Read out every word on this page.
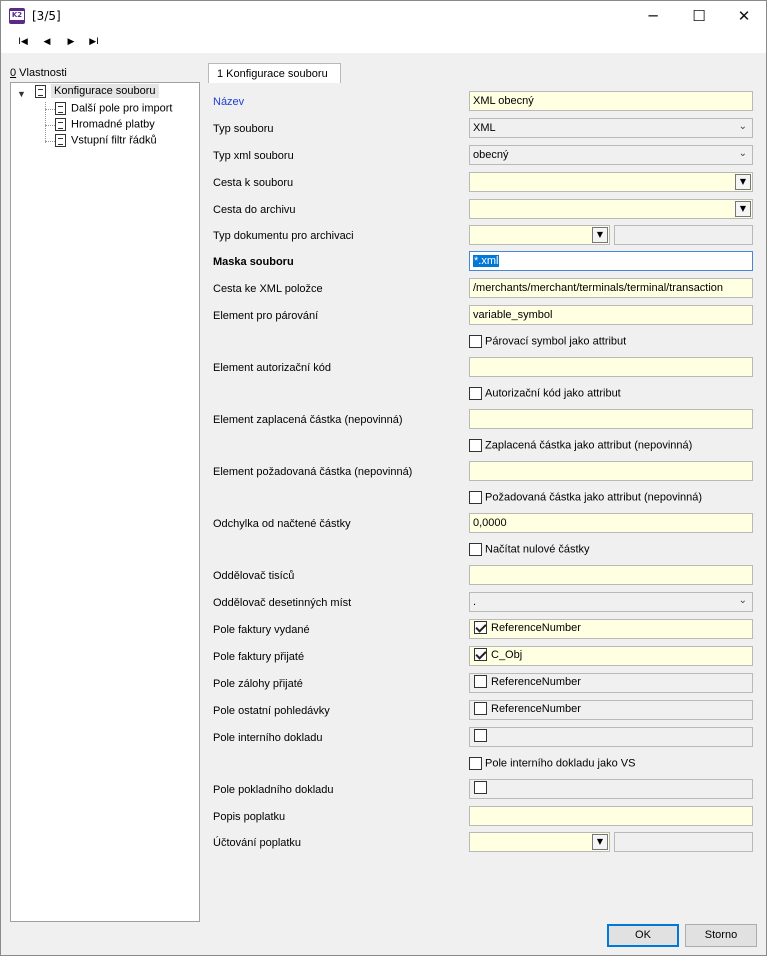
K2 [3/5]	─	☐	✕
I◀	◀	▶	▶I
0 Vlastnosti
▼	Konfigurace souboru
Další pole pro import
Hromadné platby
Vstupní filtr řádků
1 Konfigurace souboru
Název	XML obecný
Typ souboru	XML	⌄
Typ xml souboru	obecný	⌄
Cesta k souboru	▼
Cesta do archivu	▼
Typ dokumentu pro archivaci	▼
Maska souboru	*.xml
Cesta ke XML položce	/merchants/merchant/terminals/terminal/transaction
Element pro párování	variable_symbol
Párovací symbol jako attribut
Element autorizační kód
Autorizační kód jako attribut
Element zaplacená částka (nepovinná)
Zaplacená částka jako attribut (nepovinná)
Element požadovaná částka (nepovinná)
Požadovaná částka jako attribut (nepovinná)
Odchylka od načtené částky	0,0000
Načítat nulové částky
Oddělovač tisíců
Oddělovač desetinných míst	.	⌄
Pole faktury vydané	ReferenceNumber
Pole faktury přijaté	C_Obj
Pole zálohy přijaté	ReferenceNumber
Pole ostatní pohledávky	ReferenceNumber
Pole interního dokladu
Pole interního dokladu jako VS
Pole pokladního dokladu
Popis poplatku
Účtování poplatku	▼
OK	Storno
